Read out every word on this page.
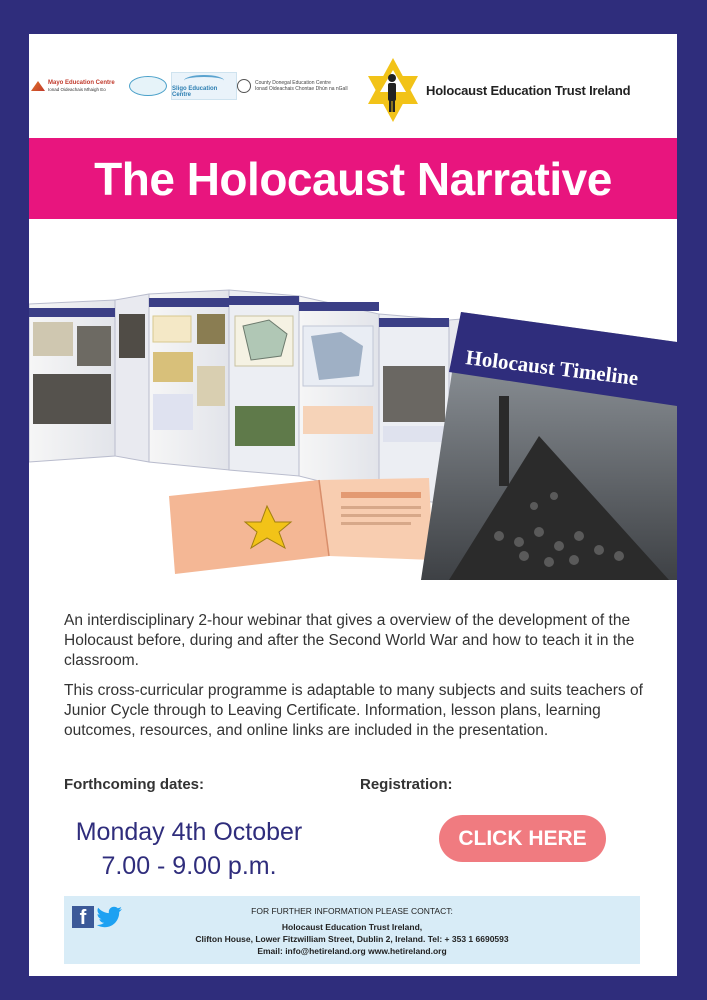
Mayo Education Centre
Ionad Oideachais Mhaigh Eo	Sligo Education Centre
County Donegal Education Centre
Ionad Oideachais Chontae Dhún na nGall	Holocaust Education Trust Ireland
The Holocaust Narrative
Holocaust Timeline

An interdisciplinary 2-hour webinar that gives a overview of the development of the Holocaust before, during and after the Second World War and how to teach it in the classroom.

This cross-curricular programme is adaptable to many subjects and suits teachers of Junior Cycle through to Leaving Certificate. Information, lesson plans, learning outcomes, resources, and online links are included in the presentation.

Forthcoming dates:	Registration:
Monday 4th October
7.00 - 9.00 p.m.
CLICK HERE
f	FOR FURTHER INFORMATION PLEASE CONTACT:
Holocaust Education Trust Ireland,
Clifton House, Lower Fitzwilliam Street, Dublin 2, Ireland. Tel: + 353 1 6690593
Email: info@hetireland.org www.hetireland.org
